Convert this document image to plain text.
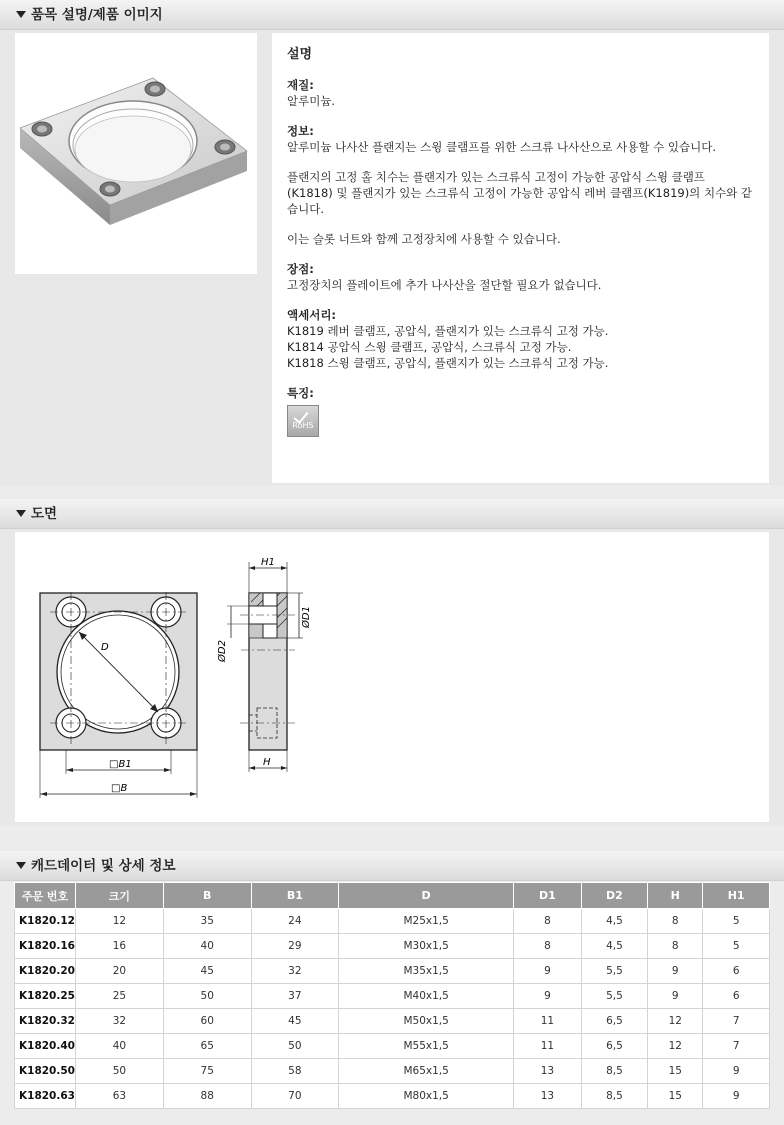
품목 설명/제품 이미지
설명
재질:
알루미늄.
정보:
알루미늄 나사산 플랜지는 스윙 클램프를 위한 스크류 나사산으로 사용할 수 있습니다.
플랜지의 고정 홀 치수는 플랜지가 있는 스크류식 고정이 가능한 공압식 스윙 클램프 (K1818) 및 플랜지가 있는 스크류식 고정이 가능한 공압식 레버 클램프(K1819)의 치수와 같습니다.
이는 슬롯 너트와 함께 고정장치에 사용할 수 있습니다.
장점:
고정장치의 플레이트에 추가 나사산을 절단할 필요가 없습니다.
액세서리:
K1819 레버 클램프, 공압식, 플랜지가 있는 스크류식 고정 가능.
K1814 공압식 스윙 클램프, 공압식, 스크류식 고정 가능.
K1818 스윙 클램프, 공압식, 플랜지가 있는 스크류식 고정 가능.
특징:
RoHS
도면
D
□B1
□B
H1
ØD1
ØD2
H
캐드데이터 및 상세 정보
주문 번호	크기	B	B1	D	D1	D2	H	H1
K1820.12	12	35	24	M25x1,5	8	4,5	8	5
K1820.16	16	40	29	M30x1,5	8	4,5	8	5
K1820.20	20	45	32	M35x1,5	9	5,5	9	6
K1820.25	25	50	37	M40x1,5	9	5,5	9	6
K1820.32	32	60	45	M50x1,5	11	6,5	12	7
K1820.40	40	65	50	M55x1,5	11	6,5	12	7
K1820.50	50	75	58	M65x1,5	13	8,5	15	9
K1820.63	63	88	70	M80x1,5	13	8,5	15	9
